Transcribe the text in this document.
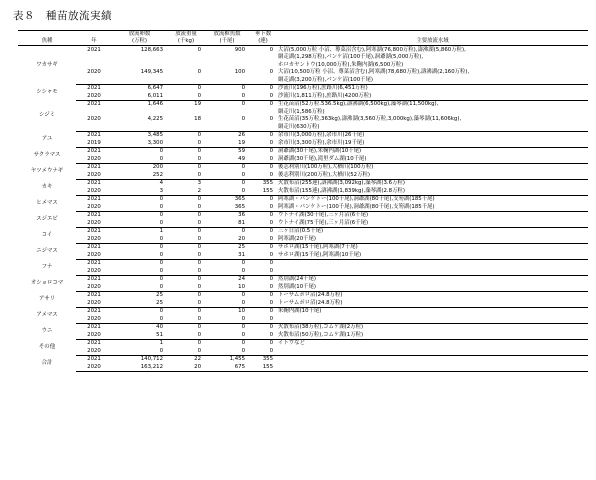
表８　種苗放流実績
魚種	年	放流卵数
(万粒)	放流重量
(千kg)	放流稚魚数
(千尾)	垂下数
(連)	主要放流水域
ワカサギ	2021	128,663	0	900	0	大沼(5,000万粒 小沼、蓴菜沼含む),阿寒湖(76,800万粒),濤沸湖(5,860万粒),
						網走湖(1,298万粒),パンケ沼(100千尾),洞爺湖(5,000万粒),
						ホロカヤントウ(10,000万粒),朱鞠内湖(6,500万粒)
	2020	149,345	0	100	0	大沼(10,500万粒 小沼、蓴菜沼含む),阿寒湖(78,680万粒),濤沸湖(2,160万粒),
						網走湖(3,200万粒),パンケ沼(100千尾)
シシャモ	2021	6,647	0	0	0	沙流川(196万粒),庶路川(6,451万粒)
	2020	6,011	0	0	0	沙流川(1,811万粒),庶路川(4200万粒)
シジミ	2021	1,646	19	0	0	生花苗沼(52万粒.536.5kg),濤沸湖(6,500kg),藻琴湖(11,500kg),
						網走川(1,586万粒)
	2020	4,225	18	0	0	生花苗沼(35万粒,363kg),濤沸湖(3,560万粒,3,000kg),藻琴湖(11,606kg),
						網走川(630万粒)
アユ	2021	3,485	0	26	0	余市川(3,000万粒),余市川(26千尾)
	2019	3,300	0	19	0	余市川(3,300万粒),余市川(19千尾)
サクラマス	2021	0	0	59	0	洞爺湖(30千尾),朱鞠内湖(10千尾)
	2020	0	0	49	0	洞爺湖(30千尾),滝里ダム湖(10千尾)
ヤツメウナギ	2021	200	0	0	0	後志利別川(100万粒),大楢川(100万粒)
	2020	252	0	0	0	後志利別川(200万粒),大楢川(52万粒)
カキ	2021	4	3	0	355	火散布沼(255連),濤沸湖(3,092kg),藻琴湖(3.6万粒)
	2020	3	2	0	155	火散布沼(155連),濤沸湖(1,839kg),藻琴湖(2.8万粒)
ヒメマス	2021	0	0	365	0	阿寒湖・パンケトー(100千尾),洞爺湖(80千尾),支笏湖(185千尾)
	2020	0	0	365	0	阿寒湖・パンケトー(100千尾),洞爺湖(80千尾),支笏湖(185千尾)
スジエビ	2021	0	0	36	0	ウトナイ湖(30千尾),三ヶ月沼(6千尾)
	2020	0	0	81	0	ウトナイ湖(75千尾),三ヶ月沼(6千尾)
コイ	2021	1	0	0	0	三ヶ日沼(0.5千尾)
	2020	0	0	20	0	阿寒湖(20千尾)
ニジマス	2021	0	0	25	0	サホロ湖(15千尾),阿寒湖(7千尾)
	2020	0	0	31	0	サホロ湖(15千尾),阿寒湖(10千尾)
フナ	2021	0	0	0	0	
	2020	0	0	0	0	
オショロコマ	2021	0	0	24	0	然別湖(24千尾)
	2020	0	0	10	0	然別湖(10千尾)
アサリ	2021	25	0	0	0	トーサムポロ沼(24.8万粒)
	2020	25	0	0	0	トーサムポロ沼(24.8万粒)
アメマス	2021	0	0	10	0	朱鞠内湖(10千尾)
	2020	0	0	0	0	
ウニ	2021	40	0	0	0	火散布沼(38万粒),コムケ湖(2万粒)
	2020	51	0	0	0	火散布沼(50万粒),コムケ湖(1万粒)
その他	2021	1	0	0	0	イトウなど
	2020	0	0	0	0	
合計	2021	140,712	22	1,455	355	
	2020	163,212	20	675	155	
